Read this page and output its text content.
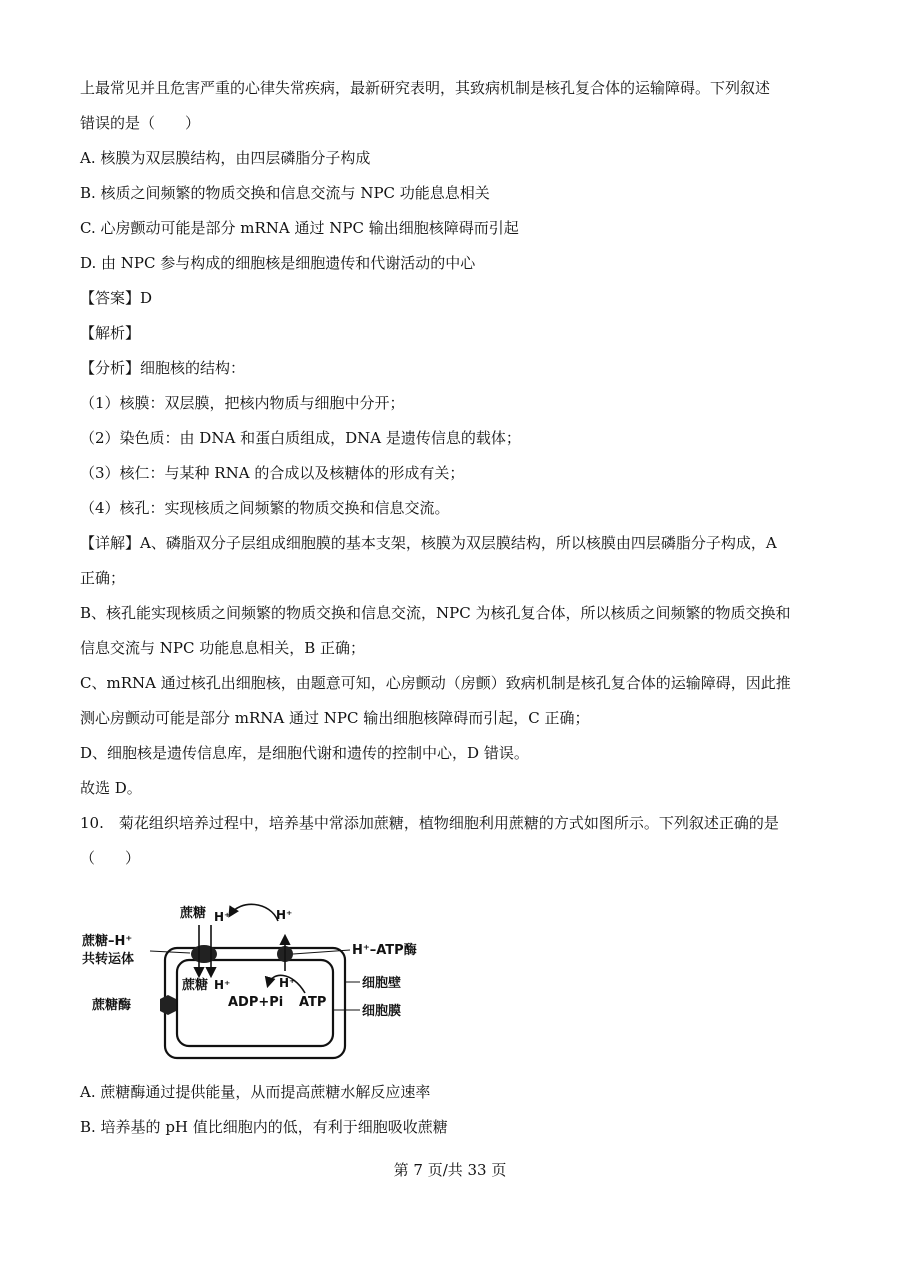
上最常见并且危害严重的心律失常疾病，最新研究表明，其致病机制是核孔复合体的运输障碍。下列叙述
错误的是（　　）
A. 核膜为双层膜结构，由四层磷脂分子构成
B. 核质之间频繁的物质交换和信息交流与 NPC 功能息息相关
C. 心房颤动可能是部分 mRNA 通过 NPC 输出细胞核障碍而引起
D. 由 NPC 参与构成的细胞核是细胞遗传和代谢活动的中心
【答案】D
【解析】
【分析】细胞核的结构：
（1）核膜：双层膜，把核内物质与细胞中分开；
（2）染色质：由 DNA 和蛋白质组成，DNA 是遗传信息的载体；
（3）核仁：与某种 RNA 的合成以及核糖体的形成有关；
（4）核孔：实现核质之间频繁的物质交换和信息交流。
【详解】A、磷脂双分子层组成细胞膜的基本支架，核膜为双层膜结构，所以核膜由四层磷脂分子构成，A
正确；
B、核孔能实现核质之间频繁的物质交换和信息交流，NPC 为核孔复合体，所以核质之间频繁的物质交换和
信息交流与 NPC 功能息息相关，B 正确；
C、mRNA 通过核孔出细胞核，由题意可知，心房颤动（房颤）致病机制是核孔复合体的运输障碍，因此推
测心房颤动可能是部分 mRNA 通过 NPC 输出细胞核障碍而引起，C 正确；
D、细胞核是遗传信息库，是细胞代谢和遗传的控制中心，D 错误。
故选 D。
10.　菊花组织培养过程中，培养基中常添加蔗糖，植物细胞利用蔗糖的方式如图所示。下列叙述正确的是
（　　）
蔗糖–H⁺
共转运体
蔗糖酶
蔗糖 H⁺	H⁺
H⁺–ATP酶
蔗糖 H⁺	H⁺
ADP+Pi ATP
细胞壁
细胞膜
A. 蔗糖酶通过提供能量，从而提高蔗糖水解反应速率
B. 培养基的 pH 值比细胞内的低，有利于细胞吸收蔗糖
第 7 页/共 33 页
